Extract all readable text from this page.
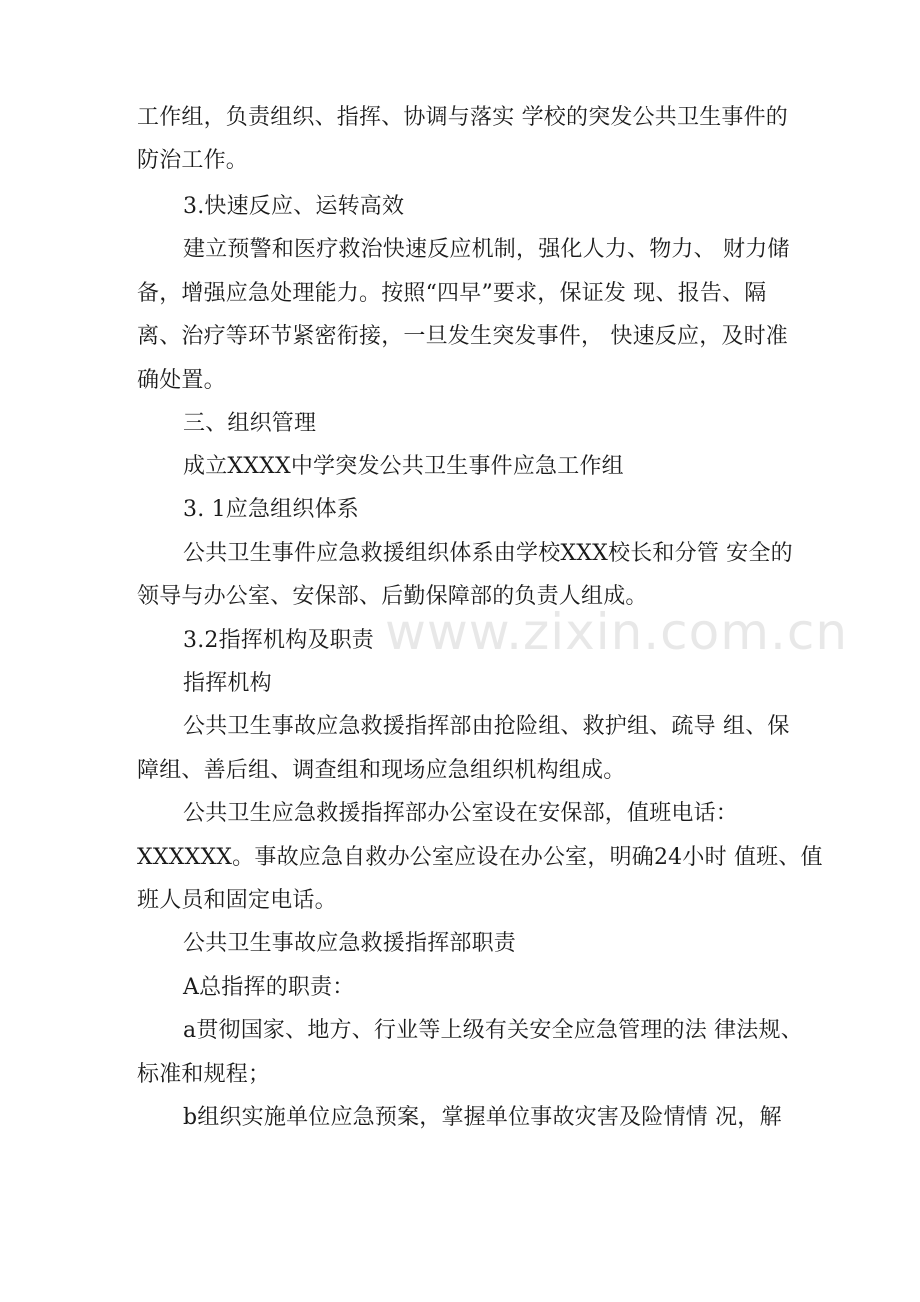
www.zixin.com.cn
工作组，负责组织、指挥、协调与落实 学校的突发公共卫生事件的
防治工作。
3.快速反应、运转高效
建立预警和医疗救治快速反应机制，强化人力、物力、 财力储
备，增强应急处理能力。按照“四早”要求，保证发 现、报告、隔
离、治疗等环节紧密衔接，一旦发生突发事件， 快速反应，及时准
确处置。
三、组织管理
成立XXXX中学突发公共卫生事件应急工作组
3. 1应急组织体系
公共卫生事件应急救援组织体系由学校XXX校长和分管 安全的
领导与办公室、安保部、后勤保障部的负责人组成。
3.2指挥机构及职责
指挥机构
公共卫生事故应急救援指挥部由抢险组、救护组、疏导 组、保
障组、善后组、调查组和现场应急组织机构组成。
公共卫生应急救援指挥部办公室设在安保部，值班电话：
XXXXXX。事故应急自救办公室应设在办公室，明确24小时 值班、值
班人员和固定电话。
公共卫生事故应急救援指挥部职责
A总指挥的职责：
a贯彻国家、地方、行业等上级有关安全应急管理的法 律法规、
标准和规程；
b组织实施单位应急预案，掌握单位事故灾害及险情情 况，解
